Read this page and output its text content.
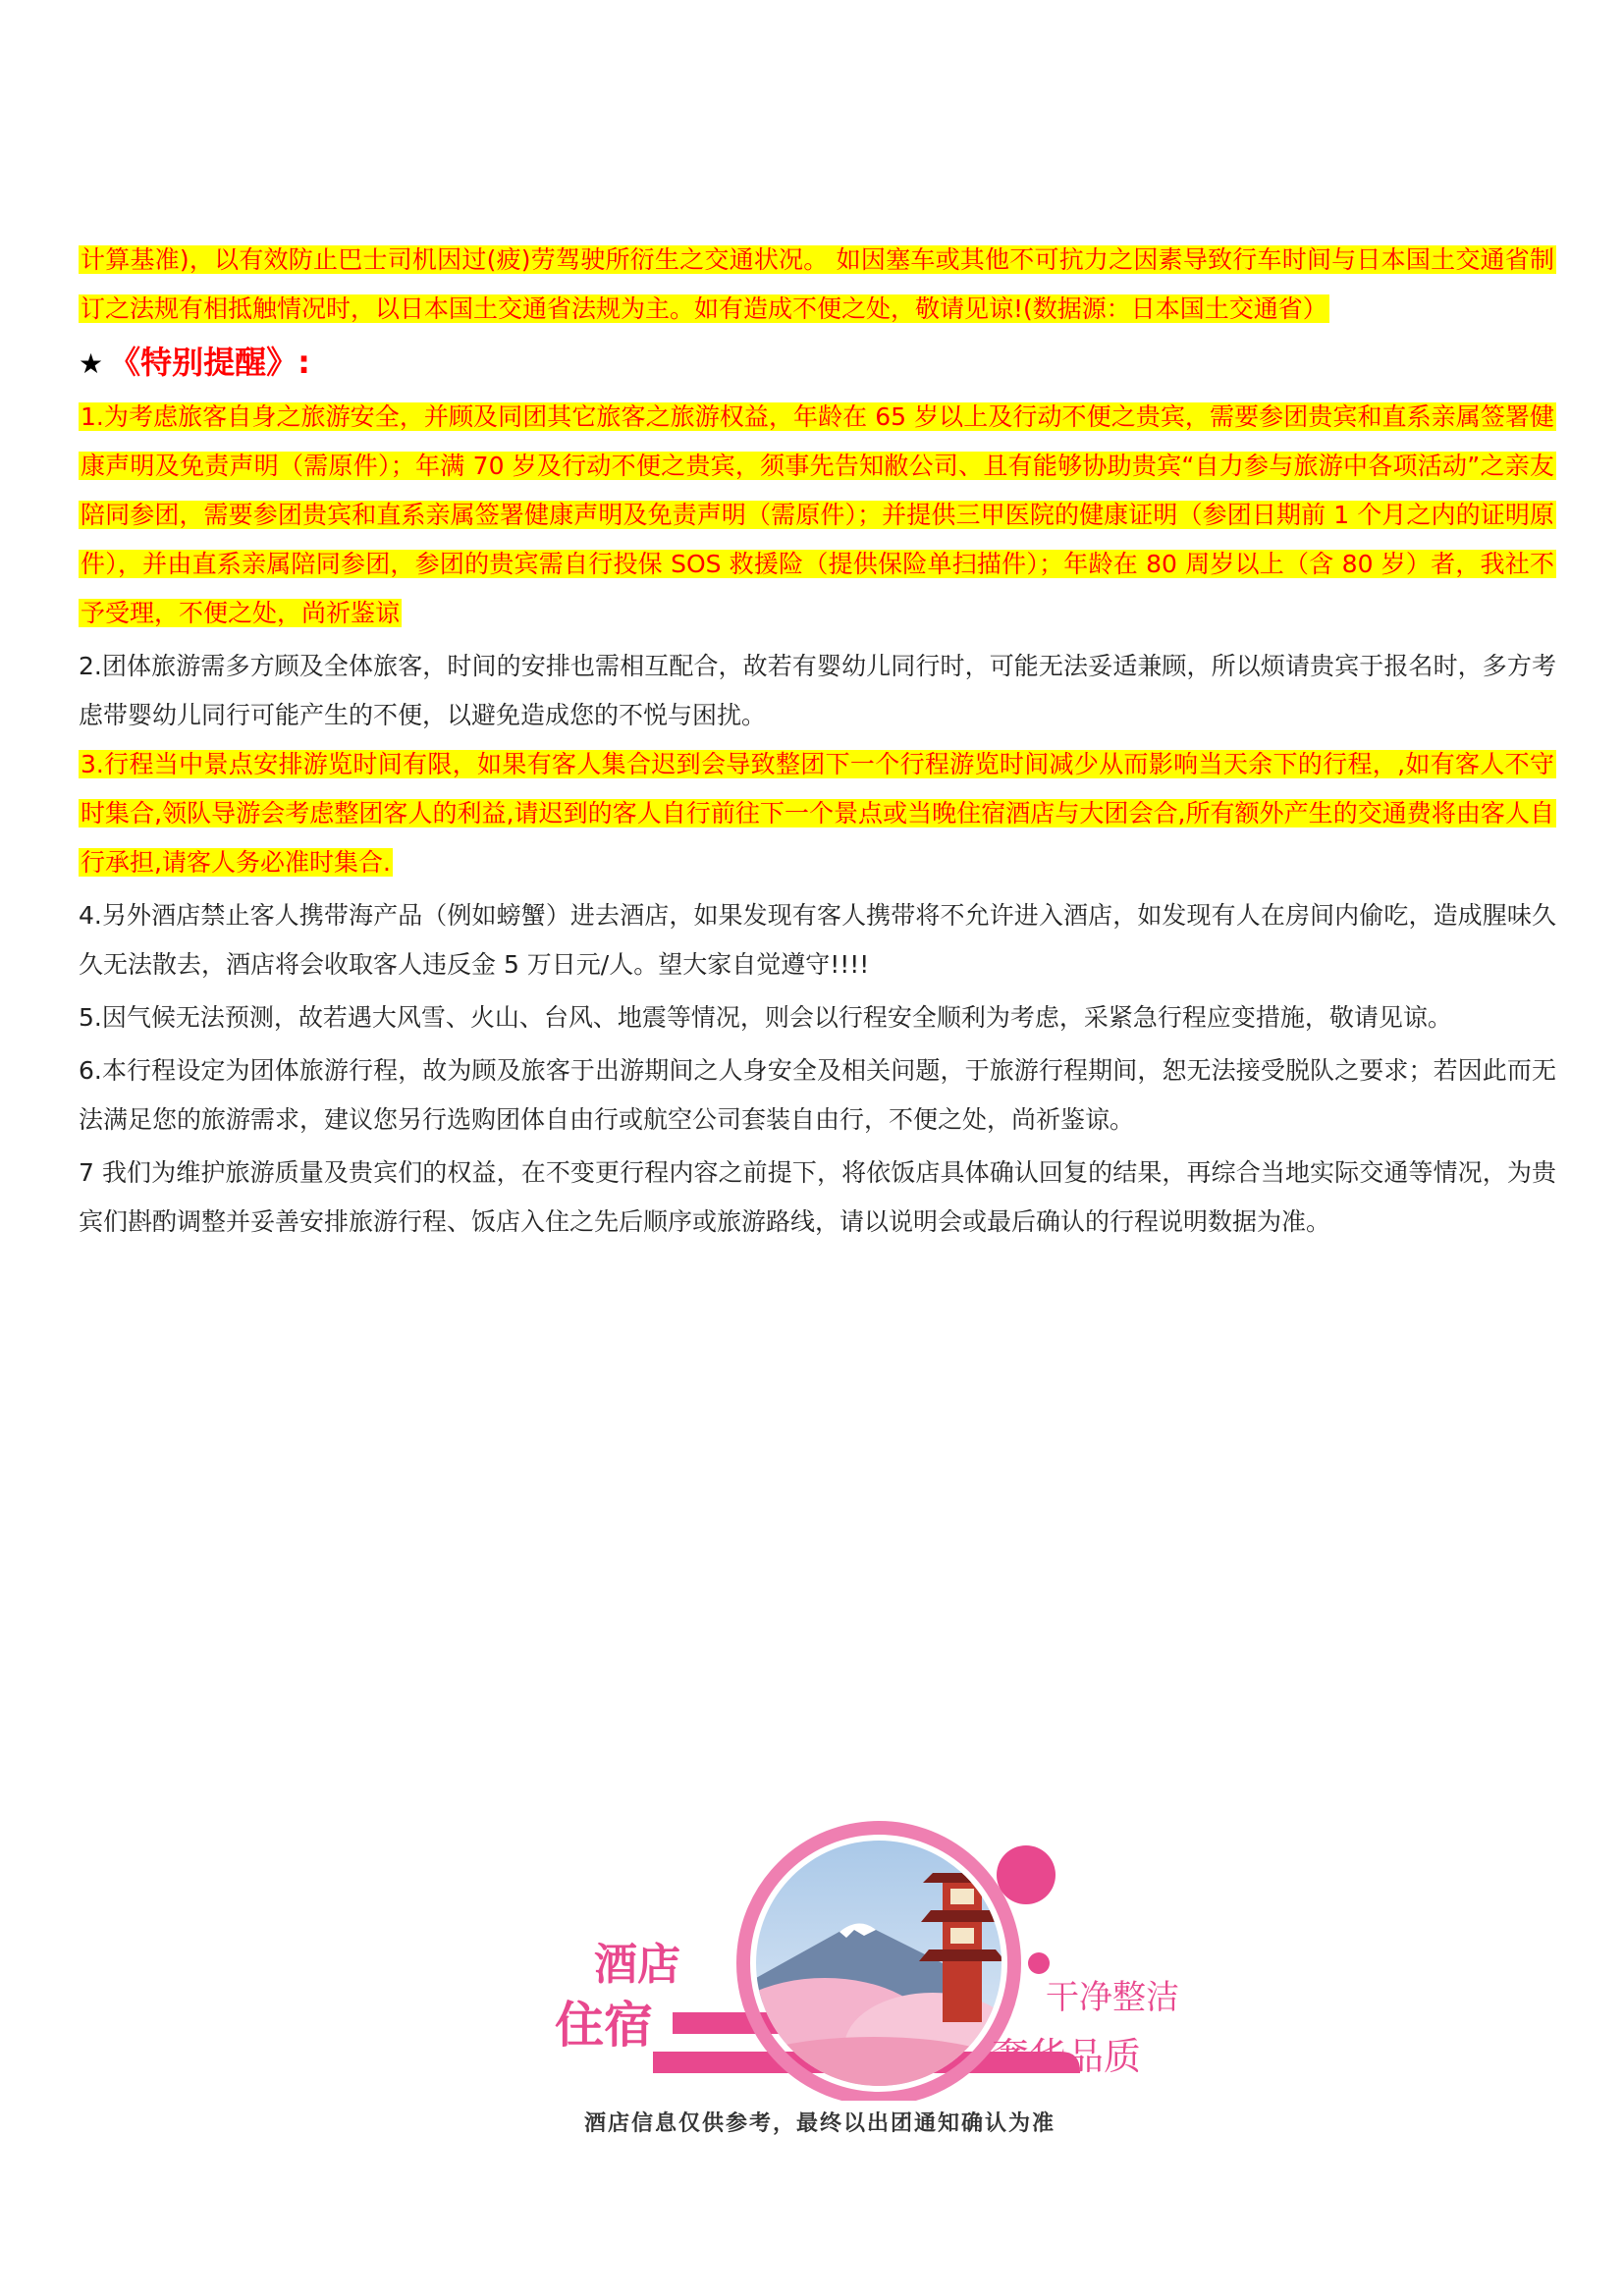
计算基准)，以有效防止巴士司机因过(疲)劳驾驶所衍生之交通状况。 如因塞车或其他不可抗力之因素导致行车时间与日本国土交通省制订之法规有相抵触情况时，以日本国土交通省法规为主。如有造成不便之处，敬请见谅!(数据源：日本国土交通省）

★ 《特别提醒》:

1.为考虑旅客自身之旅游安全，并顾及同团其它旅客之旅游权益，年龄在 65 岁以上及行动不便之贵宾，需要参团贵宾和直系亲属签署健康声明及免责声明（需原件）；年满 70 岁及行动不便之贵宾，须事先告知敝公司、且有能够协助贵宾“自力参与旅游中各项活动”之亲友陪同参团，需要参团贵宾和直系亲属签署健康声明及免责声明（需原件）；并提供三甲医院的健康证明（参团日期前 1 个月之内的证明原件），并由直系亲属陪同参团，参团的贵宾需自行投保 SOS 救援险（提供保险单扫描件）；年龄在 80 周岁以上（含 80 岁）者，我社不予受理，不便之处，尚祈鉴谅

2.团体旅游需多方顾及全体旅客，时间的安排也需相互配合，故若有婴幼儿同行时，可能无法妥适兼顾，所以烦请贵宾于报名时，多方考虑带婴幼儿同行可能产生的不便，以避免造成您的不悦与困扰。

3.行程当中景点安排游览时间有限，如果有客人集合迟到会导致整团下一个行程游览时间减少从而影响当天余下的行程，,如有客人不守时集合,领队导游会考虑整团客人的利益,请迟到的客人自行前往下一个景点或当晚住宿酒店与大团会合,所有额外产生的交通费将由客人自行承担,请客人务必准时集合.

4.另外酒店禁止客人携带海产品（例如螃蟹）进去酒店，如果发现有客人携带将不允许进入酒店，如发现有人在房间内偷吃，造成腥味久久无法散去，酒店将会收取客人违反金 5 万日元/人。望大家自觉遵守!!!!

5.因气候无法预测，故若遇大风雪、火山、台风、地震等情况，则会以行程安全顺利为考虑，采紧急行程应变措施，敬请见谅。

6.本行程设定为团体旅游行程，故为顾及旅客于出游期间之人身安全及相关问题，于旅游行程期间，恕无法接受脱队之要求；若因此而无法满足您的旅游需求，建议您另行选购团体自由行或航空公司套装自由行，不便之处，尚祈鉴谅。

7 我们为维护旅游质量及贵宾们的权益，在不变更行程内容之前提下，将依饭店具体确认回复的结果，再综合当地实际交通等情况，为贵宾们斟酌调整并妥善安排旅游行程、饭店入住之先后顺序或旅游路线，请以说明会或最后确认的行程说明数据为准。

酒店
住宿	干净整洁
奢华品质
酒店信息仅供参考，最终以出团通知确认为准
